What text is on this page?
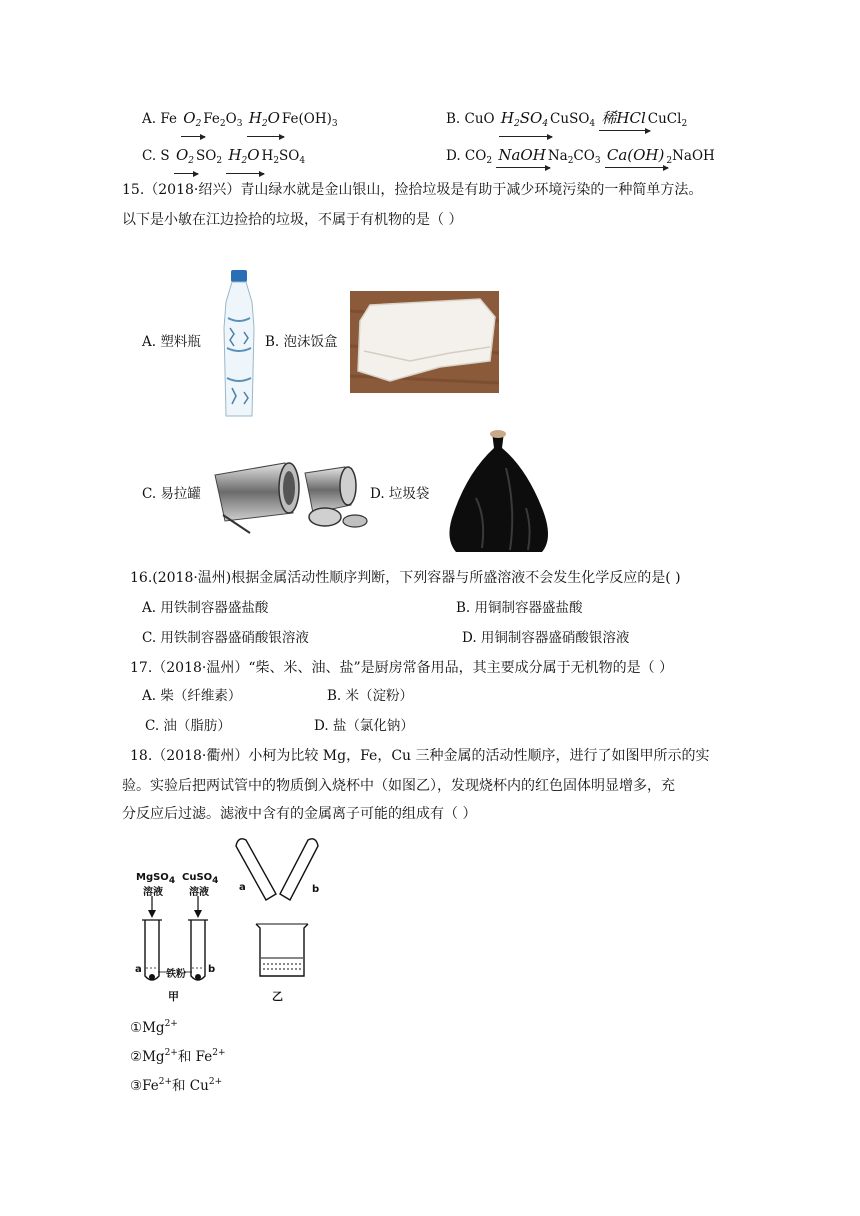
A. Fe $O_2$ $Fe_2O_3$ $H_2O$ $Fe(OH)_3$	B. CuO $H_2SO_4$ CuSO$_4$ 稀HCl CuCl$_2$
C. S $O_2$ $SO_2$ $H_2O$ $H_2SO_4$	D. $CO_2$ NaOH $Na_2CO_3$ Ca(OH) $_2$NaOH
15.（2018·绍兴）青山绿水就是金山银山，捡拾垃圾是有助于减少环境污染的一种简单方法。
以下是小敏在江边捡拾的垃圾，不属于有机物的是（ ）
A. 塑料瓶	B. 泡沫饭盒
C. 易拉罐	D. 垃圾袋
16.(2018·温州)根据金属活动性顺序判断，下列容器与所盛溶液不会发生化学反应的是( )
A. 用铁制容器盛盐酸	B. 用铜制容器盛盐酸
C. 用铁制容器盛硝酸银溶液	D. 用铜制容器盛硝酸银溶液
17.（2018·温州）“柴、米、油、盐”是厨房常备用品，其主要成分属于无机物的是（ ）
A. 柴（纤维素）	B. 米（淀粉）
C. 油（脂肪）	D. 盐（氯化钠）
18.（2018·衢州）小柯为比较 Mg，Fe，Cu 三种金属的活动性顺序，进行了如图甲所示的实
验。实验后把两试管中的物质倒入烧杯中（如图乙），发现烧杯内的红色固体明显增多，充
分反应后过滤。滤液中含有的金属离子可能的组成有（ ）
MgSO$_4$
溶液
CuSO$_4$
溶液
a	b
铁粉
甲
a	b
乙
$①Mg^{2+}$
$②Mg^{2+}$和 $Fe^{2+}$
$③Fe^{2+}$和 $Cu^{2+}$
